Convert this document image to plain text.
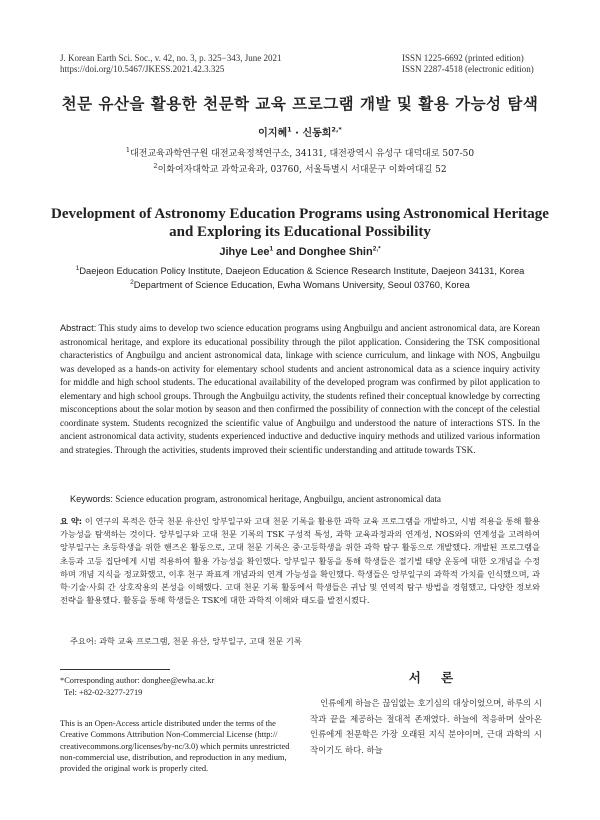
J. Korean Earth Sci. Soc., v. 42, no. 3, p. 325−343, June 2021
https://doi.org/10.5467/JKESS.2021.42.3.325
ISSN 1225-6692 (printed edition)
ISSN 2287-4518 (electronic edition)
천문 유산을 활용한 천문학 교육 프로그램 개발 및 활용 가능성 탐색
이지혜$^1$ · 신동희$^{2,*}$
$^1$대전교육과학연구원 대전교육정책연구소, 34131, 대전광역시 유성구 대덕대로 507-50
$^2$이화여자대학교 과학교육과, 03760, 서울특별시 서대문구 이화여대길 52
Development of Astronomy Education Programs using Astronomical Heritage and Exploring its Educational Possibility
Jihye Lee$^1$ and Donghee Shin$^{2,*}$
$^1$Daejeon Education Policy Institute, Daejeon Education & Science Research Institute, Daejeon 34131, Korea
$^2$Department of Science Education, Ewha Womans University, Seoul 03760, Korea
Abstract: This study aims to develop two science education programs using Angbuilgu and ancient astronomical data, are Korean astronomical heritage, and explore its educational possibility through the pilot application. Considering the TSK compositional characteristics of Angbuilgu and ancient astronomical data, linkage with science curriculum, and linkage with NOS, Angbuilgu was developed as a hands-on activity for elementary school students and ancient astronomical data as a science inquiry activity for middle and high school students. The educational availability of the developed program was confirmed by pilot application to elementary and high school groups. Through the Angbuilgu activity, the students refined their conceptual knowledge by correcting misconceptions about the solar motion by season and then confirmed the possibility of connection with the concept of the celestial coordinate system. Students recognized the scientific value of Angbuilgu and understood the nature of interactions STS. In the ancient astronomical data activity, students experienced inductive and deductive inquiry methods and utilized various information and strategies. Through the activities, students improved their scientific understanding and attitude towards TSK.
Keywords: Science education program, astronomical heritage, Angbuilgu, ancient astronomical data
요 약: 이 연구의 목적은 한국 천문 유산인 앙부일구와 고대 천문 기록을 활용한 과학 교육 프로그램을 개발하고, 시범 적용을 통해 활용 가능성을 탐색하는 것이다. 앙부일구와 고대 천문 기록의 TSK 구성적 특성, 과학 교육과정과의 연계성, NOS와의 연계성을 고려하여 앙부일구는 초등학생을 위한 핸즈온 활동으로, 고대 천문 기록은 중·고등학생을 위한 과학 탐구 활동으로 개발했다. 개발된 프로그램을 초등과 고등 집단에게 시범 적용하여 활용 가능성을 확인했다. 앙부일구 활동을 통해 학생들은 절기별 태양 운동에 대한 오개념을 수정하며 개념 지식을 정교화했고, 이후 천구 좌표계 개념과의 연계 가능성을 확인했다. 학생들은 앙부일구의 과학적 가치를 인식했으며, 과학·기술·사회 간 상호작용의 본성을 이해했다. 고대 천문 기록 활동에서 학생들은 귀납 및 연역적 탐구 방법을 경험했고, 다양한 정보와 전략을 활용했다. 활동을 통해 학생들은 TSK에 대한 과학적 이해와 태도를 발전시켰다.
주요어: 과학 교육 프로그램, 천문 유산, 앙부일구, 고대 천문 기록
*Corresponding author: donghee@ewha.ac.kr
Tel: +82-02-3277-2719
This is an Open-Access article distributed under the terms of the Creative Commons Attribution Non-Commercial License (http:// creativecommons.org/licenses/by-nc/3.0) which permits unrestricted non-commercial use, distribution, and reproduction in any medium, provided the original work is properly cited.
서 론
인류에게 하늘은 끊임없는 호기심의 대상이었으며, 하루의 시작과 끝을 제공하는 절대적 존재였다. 하늘에 적응하며 살아온 인류에게 천문학은 가장 오래된 지식 분야이며, 근대 과학의 시작이기도 하다. 하늘
